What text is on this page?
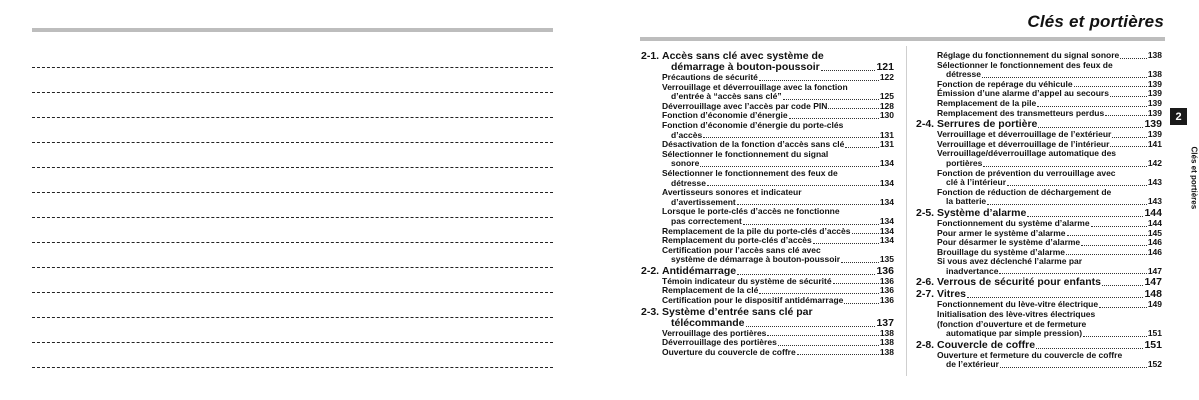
Clés et portières
2-1. Accès sans clé avec système de
démarrage à bouton-poussoir	121
Précautions de sécurité	122
Verrouillage et déverrouillage avec la fonction
d’entrée à “accès sans clé”	125
Déverrouillage avec l’accès par code PIN	128
Fonction d’économie d’énergie	130
Fonction d’économie d’énergie du porte-clés
d’accès	131
Désactivation de la fonction d’accès sans clé	131
Sélectionner le fonctionnement du signal
sonore	134
Sélectionner le fonctionnement des feux de
détresse	134
Avertisseurs sonores et indicateur
d’avertissement	134
Lorsque le porte-clés d’accès ne fonctionne
pas correctement	134
Remplacement de la pile du porte-clés d’accès	134
Remplacement du porte-clés d’accès	134
Certification pour l’accès sans clé avec
système de démarrage à bouton-poussoir	135
2-2. Antidémarrage	136
Témoin indicateur du système de sécurité	136
Remplacement de la clé	136
Certification pour le dispositif antidémarrage	136
2-3. Système d’entrée sans clé par
télécommande	137
Verrouillage des portières	138
Déverrouillage des portières	138
Ouverture du couvercle de coffre	138
Réglage du fonctionnement du signal sonore	138
Sélectionner le fonctionnement des feux de
détresse	138
Fonction de repérage du véhicule	139
Émission d’une alarme d’appel au secours	139
Remplacement de la pile	139
Remplacement des transmetteurs perdus	139
2-4. Serrures de portière	139
Verrouillage et déverrouillage de l’extérieur	139
Verrouillage et déverrouillage de l’intérieur	141
Verrouillage/déverrouillage automatique des
portières	142
Fonction de prévention du verrouillage avec
clé à l’intérieur	143
Fonction de réduction de déchargement de
la batterie	143
2-5. Système d’alarme	144
Fonctionnement du système d’alarme	144
Pour armer le système d’alarme	145
Pour désarmer le système d’alarme	146
Brouillage du système d’alarme	146
Si vous avez déclenché l’alarme par
inadvertance	147
2-6. Verrous de sécurité pour enfants	147
2-7. Vitres	148
Fonctionnement du lève-vitre électrique	149
Initialisation des lève-vitres électriques
(fonction d’ouverture et de fermeture
automatique par simple pression)	151
2-8. Couvercle de coffre	151
Ouverture et fermeture du couvercle de coffre
de l’extérieur	152
2
Clés et portières
